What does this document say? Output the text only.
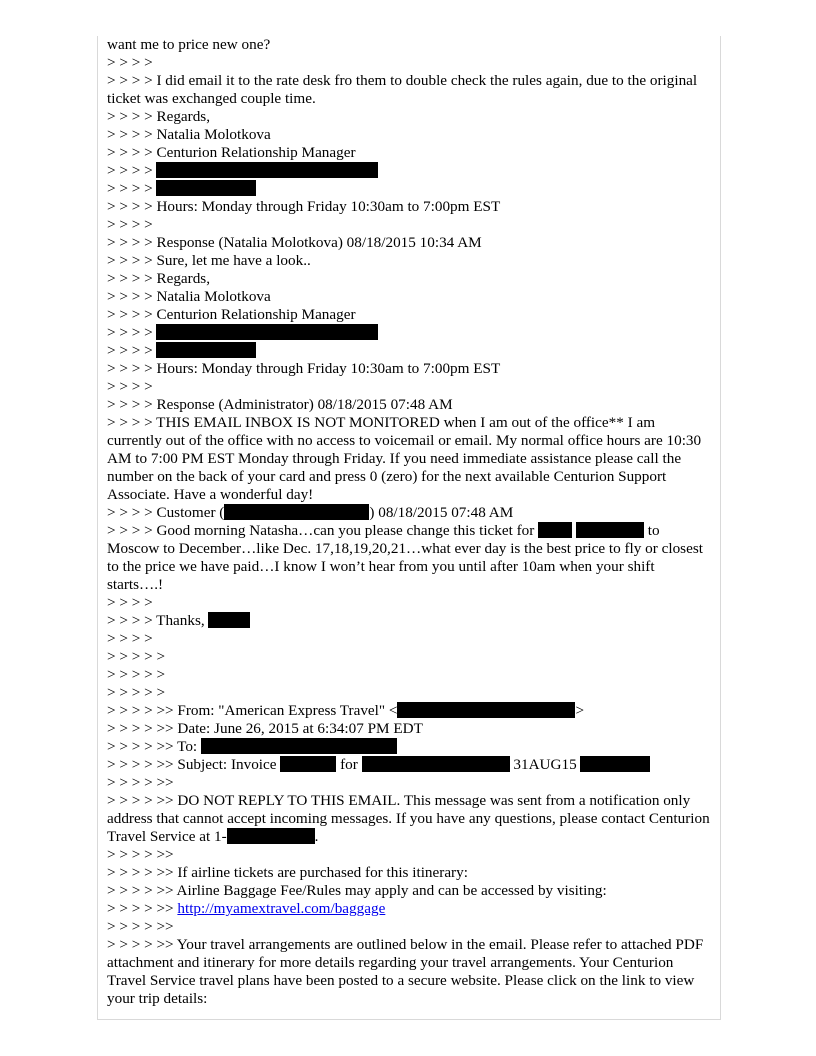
want me to price new one?
> > > >
> > > > I did email it to the rate desk fro them to double check the rules again, due to the original ticket was exchanged couple time.
> > > > Regards,
> > > > Natalia Molotkova
> > > > Centurion Relationship Manager
> > > >
> > > >
> > > > Hours: Monday through Friday 10:30am to 7:00pm EST
> > > >
> > > > Response (Natalia Molotkova) 08/18/2015 10:34 AM
> > > > Sure, let me have a look..
> > > > Regards,
> > > > Natalia Molotkova
> > > > Centurion Relationship Manager
> > > >
> > > >
> > > > Hours: Monday through Friday 10:30am to 7:00pm EST
> > > >
> > > > Response (Administrator) 08/18/2015 07:48 AM
> > > > THIS EMAIL INBOX IS NOT MONITORED when I am out of the office** I am currently out of the office with no access to voicemail or email. My normal office hours are 10:30 AM to 7:00 PM EST Monday through Friday. If you need immediate assistance please call the number on the back of your card and press 0 (zero) for the next available Centurion Support Associate. Have a wonderful day!
> > > > Customer (	) 08/18/2015 07:48 AM
> > > > Good morning Natasha…can you please change this ticket for	to Moscow to December…like Dec. 17,18,19,20,21…what ever day is the best price to fly or closest to the price we have paid…I know I won’t hear from you until after 10am when your shift starts….!
> > > >
> > > > Thanks,
> > > >
> > > > >
> > > > >
> > > > >
> > > > >> From: "American Express Travel" <	>
> > > > >> Date: June 26, 2015 at 6:34:07 PM EDT
> > > > >> To:
> > > > >> Subject: Invoice	for	31AUG15
> > > > >>
> > > > >> DO NOT REPLY TO THIS EMAIL. This message was sent from a notification only address that cannot accept incoming messages. If you have any questions, please contact Centurion Travel Service at 1-	.
> > > > >>
> > > > >> If airline tickets are purchased for this itinerary:
> > > > >> Airline Baggage Fee/Rules may apply and can be accessed by visiting:
> > > > >> http://myamextravel.com/baggage
> > > > >>
> > > > >> Your travel arrangements are outlined below in the email. Please refer to attached PDF attachment and itinerary for more details regarding your travel arrangements. Your Centurion Travel Service travel plans have been posted to a secure website. Please click on the link to view your trip details:
